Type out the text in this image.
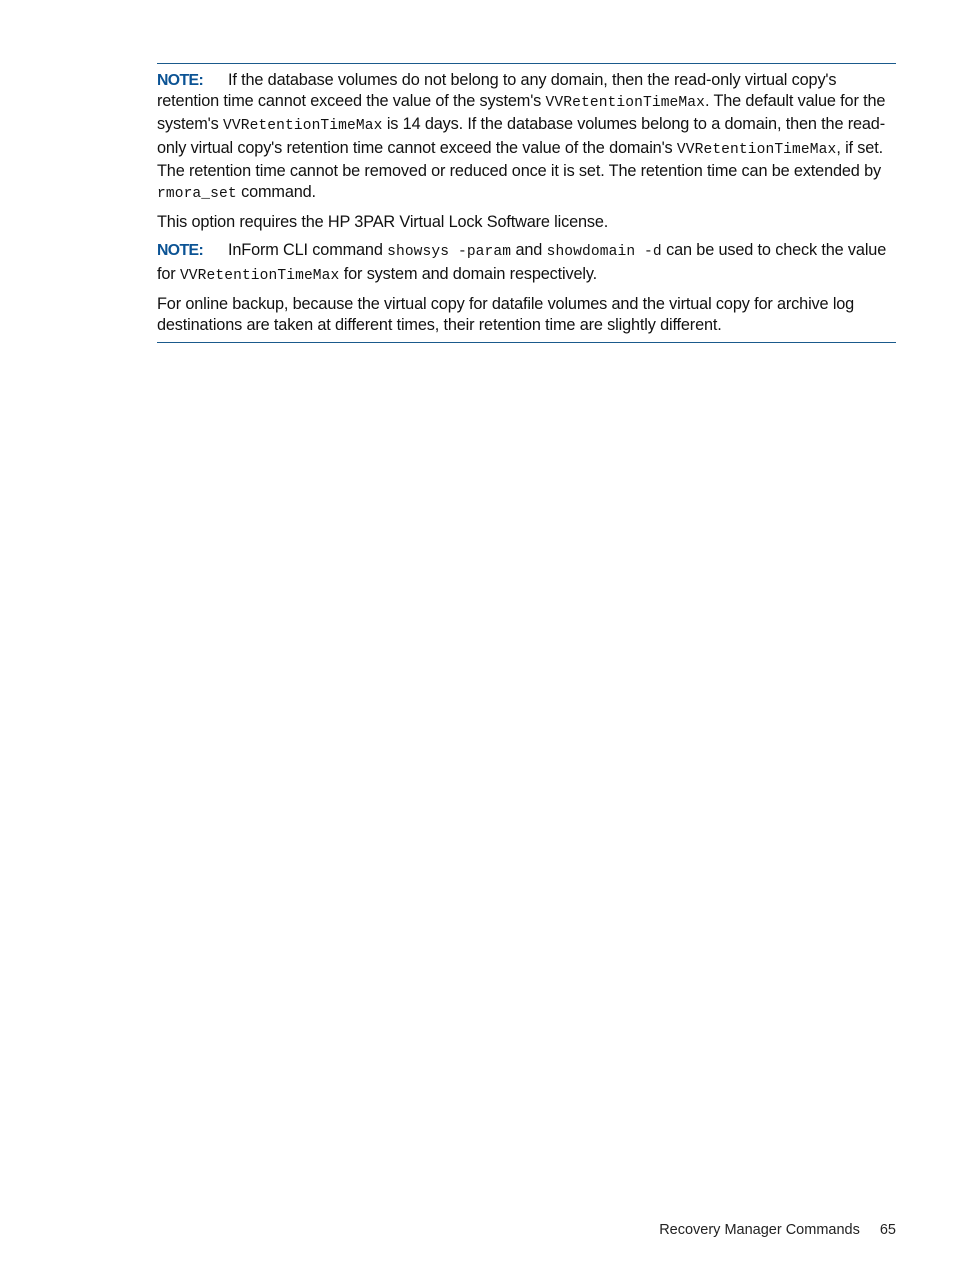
NOTE: If the database volumes do not belong to any domain, then the read-only virtual copy's retention time cannot exceed the value of the system's VVRetentionTimeMax. The default value for the system's VVRetentionTimeMax is 14 days. If the database volumes belong to a domain, then the read-only virtual copy's retention time cannot exceed the value of the domain's VVRetentionTimeMax, if set. The retention time cannot be removed or reduced once it is set. The retention time can be extended by rmora_set command.

This option requires the HP 3PAR Virtual Lock Software license.

NOTE: InForm CLI command showsys -param and showdomain -d can be used to check the value for VVRetentionTimeMax for system and domain respectively.

For online backup, because the virtual copy for datafile volumes and the virtual copy for archive log destinations are taken at different times, their retention time are slightly different.

Recovery Manager Commands 65
